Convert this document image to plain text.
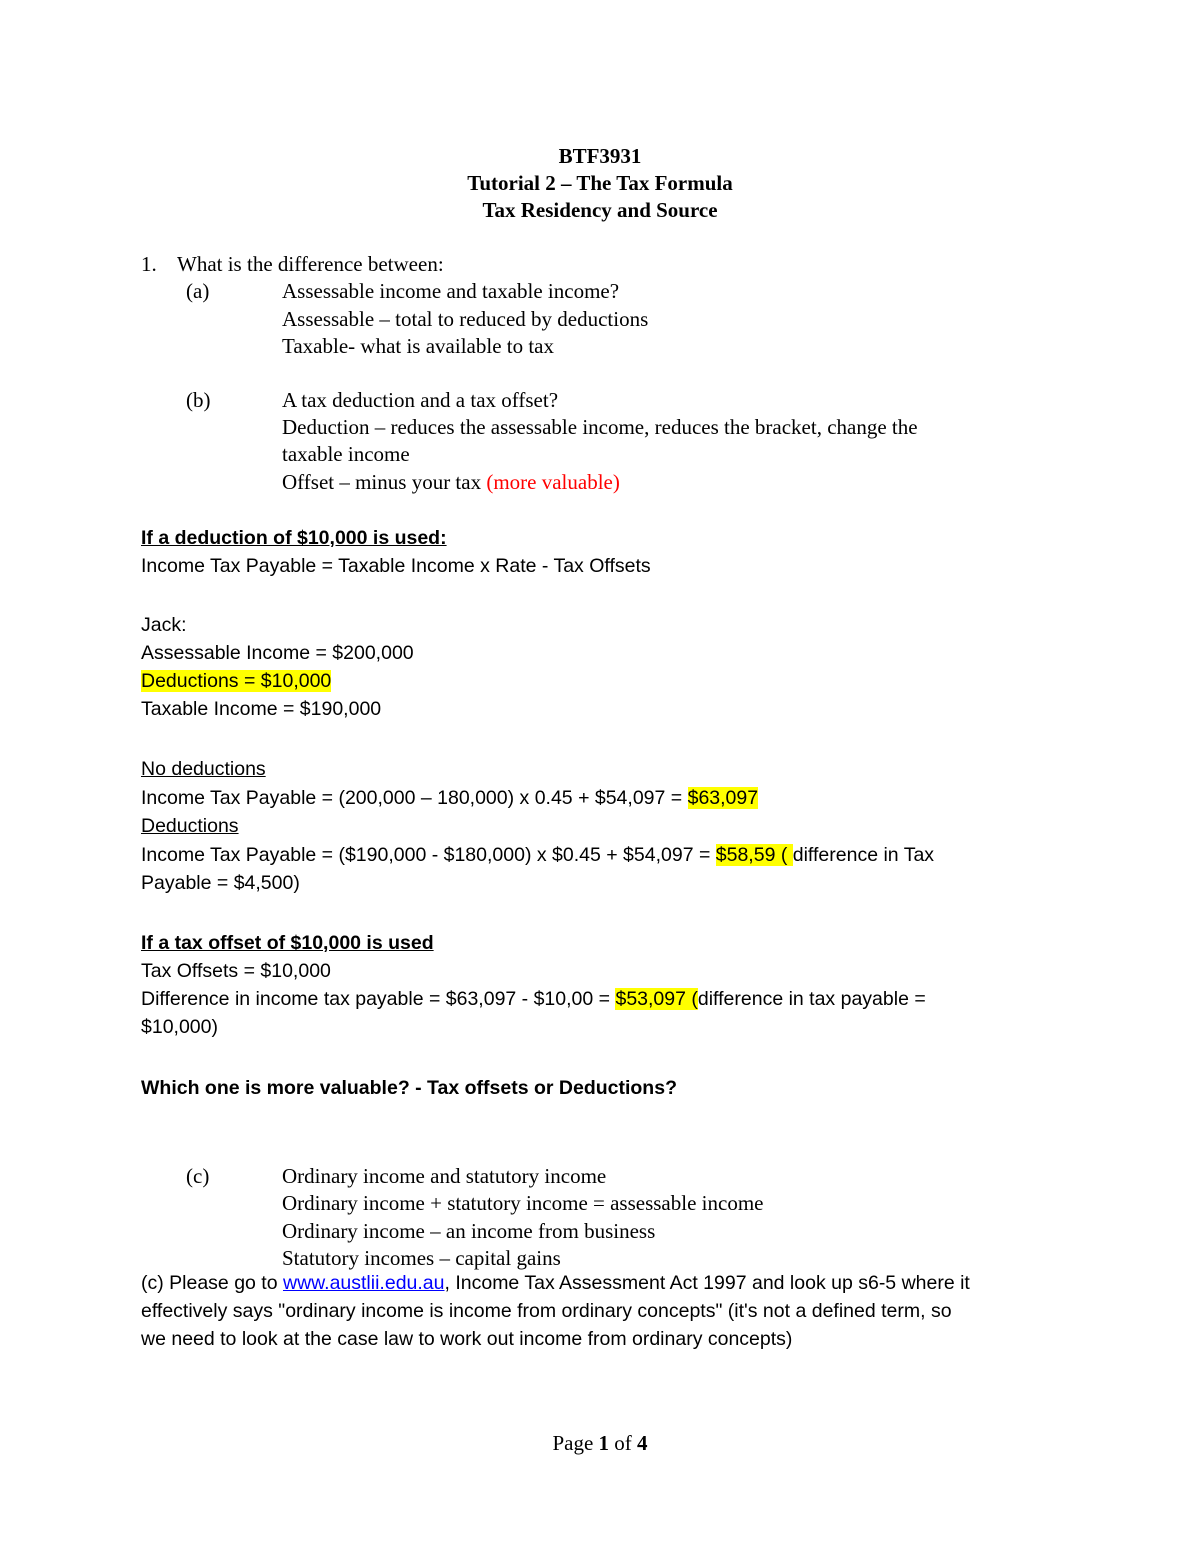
BTF3931
Tutorial 2 – The Tax Formula
Tax Residency and Source
1. What is the difference between:
(a)	Assessable income and taxable income?
Assessable – total to reduced by deductions
Taxable- what is available to tax
(b)	A tax deduction and a tax offset?
Deduction – reduces the assessable income, reduces the bracket, change the
taxable income
Offset – minus your tax (more valuable)
If a deduction of $10,000 is used:
Income Tax Payable = Taxable Income x Rate - Tax Offsets
Jack:
Assessable Income = $200,000
Deductions = $10,000
Taxable Income = $190,000
No deductions
Income Tax Payable = (200,000 – 180,000) x 0.45 + $54,097 = $63,097
Deductions
Income Tax Payable = ($190,000 - $180,000) x $0.45 + $54,097 = $58,59 ( difference in Tax
Payable = $4,500)
If a tax offset of $10,000 is used
Tax Offsets = $10,000
Difference in income tax payable = $63,097 - $10,00 = $53,097 (difference in tax payable =
$10,000)
Which one is more valuable? - Tax offsets or Deductions?
(c)	Ordinary income and statutory income
Ordinary income + statutory income = assessable income
Ordinary income – an income from business
Statutory incomes – capital gains
(c) Please go to www.austlii.edu.au, Income Tax Assessment Act 1997 and look up s6-5 where it
effectively says "ordinary income is income from ordinary concepts" (it's not a defined term, so
we need to look at the case law to work out income from ordinary concepts)
Page 1 of 4
